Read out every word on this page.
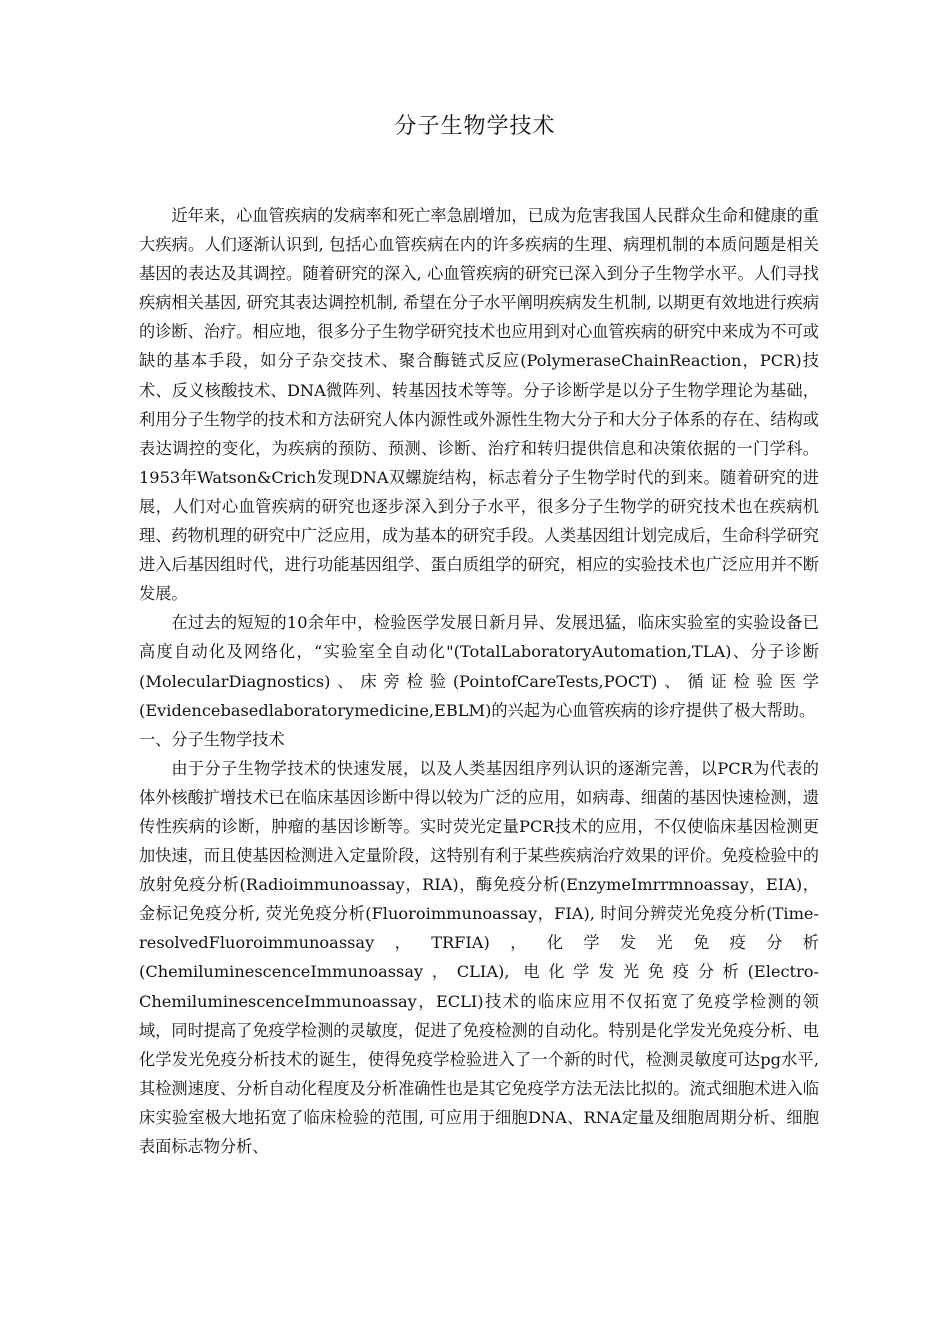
分子生物学技术

近年来，心血管疾病的发病率和死亡率急剧增加，已成为危害我国人民群众生命和健康的重大疾病。人们逐渐认识到, 包括心血管疾病在内的许多疾病的生理、病理机制的本质问题是相关基因的表达及其调控。随着研究的深入, 心血管疾病的研究已深入到分子生物学水平。人们寻找疾病相关基因, 研究其表达调控机制, 希望在分子水平阐明疾病发生机制, 以期更有效地进行疾病的诊断、治疗。相应地，很多分子生物学研究技术也应用到对心血管疾病的研究中来成为不可或缺的基本手段，如分子杂交技术、聚合酶链式反应(PolymeraseChainReaction，PCR)技术、反义核酸技术、DNA微阵列、转基因技术等等。分子诊断学是以分子生物学理论为基础，利用分子生物学的技术和方法研究人体内源性或外源性生物大分子和大分子体系的存在、结构或表达调控的变化，为疾病的预防、预测、诊断、治疗和转归提供信息和决策依据的一门学科。1953年Watson&Crich发现DNA双螺旋结构，标志着分子生物学时代的到来。随着研究的进展，人们对心血管疾病的研究也逐步深入到分子水平，很多分子生物学的研究技术也在疾病机理、药物机理的研究中广泛应用，成为基本的研究手段。人类基因组计划完成后，生命科学研究进入后基因组时代，进行功能基因组学、蛋白质组学的研究，相应的实验技术也广泛应用并不断发展。

在过去的短短的10余年中，检验医学发展日新月异、发展迅猛，临床实验室的实验设备已高度自动化及网络化，“实验室全自动化"(TotalLaboratoryAutomation,TLA)、分子诊断(MolecularDiagnostics)、床旁检验(PointofCareTests,POCT)、循证检验医学(Evidencebasedlaboratorymedicine,EBLM)的兴起为心血管疾病的诊疗提供了极大帮助。

一、分子生物学技术

由于分子生物学技术的快速发展，以及人类基因组序列认识的逐渐完善，以PCR为代表的体外核酸扩增技术已在临床基因诊断中得以较为广泛的应用，如病毒、细菌的基因快速检测，遗传性疾病的诊断，肿瘤的基因诊断等。实时荧光定量PCR技术的应用，不仅使临床基因检测更加快速，而且使基因检测进入定量阶段，这特别有利于某些疾病治疗效果的评价。免疫检验中的放射免疫分析(Radioimmunoassay，RIA)，酶免疫分析(EnzymeImrrmnoassay，EIA)，金标记免疫分析, 荧光免疫分析(Fluoroimmunoassay，FIA), 时间分辨荧光免疫分析(Time-resolvedFluoroimmunoassay，TRFIA)，化学发光免疫分析(ChemiluminescenceImmunoassay，CLIA), 电化学发光免疫分析(Electro-ChemiluminescenceImmunoassay，ECLI)技术的临床应用不仅拓宽了免疫学检测的领域，同时提高了免疫学检测的灵敏度，促进了免疫检测的自动化。特别是化学发光免疫分析、电化学发光免疫分析技术的诞生，使得免疫学检验进入了一个新的时代，检测灵敏度可达pg水平, 其检测速度、分析自动化程度及分析准确性也是其它免疫学方法无法比拟的。流式细胞术进入临床实验室极大地拓宽了临床检验的范围, 可应用于细胞DNA、RNA定量及细胞周期分析、细胞表面标志物分析、
